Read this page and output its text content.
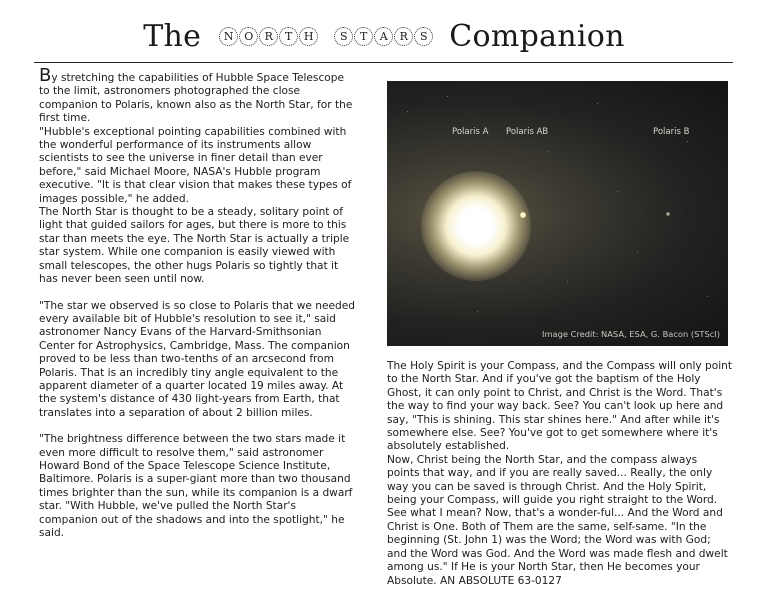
The	N O	R	T	H	S	T	A	R	S Companion

By stretching the capabilities of Hubble Space Telescope to the limit, astronomers photographed the close companion to Polaris, known also as the North Star, for the first time.

"Hubble's exceptional pointing capabilities combined with the wonderful performance of its instruments allow scientists to see the universe in finer detail than ever before," said Michael Moore, NASA's Hubble program executive. "It is that clear vision that makes these types of images possible," he added.

The North Star is thought to be a steady, solitary point of light that guided sailors for ages, but there is more to this star than meets the eye. The North Star is actually a triple star system. While one companion is easily viewed with small telescopes, the other hugs Polaris so tightly that it has never been seen until now.

"The star we observed is so close to Polaris that we needed every available bit of Hubble's resolution to see it," said astronomer Nancy Evans of the Harvard-Smithsonian Center for Astrophysics, Cambridge, Mass. The companion proved to be less than two-tenths of an arcsecond from Polaris. That is an incredibly tiny angle equivalent to the apparent diameter of a quarter located 19 miles away. At the system's distance of 430 light-years from Earth, that translates into a separation of about 2 billion miles.

"The brightness difference between the two stars made it even more difficult to resolve them," said astronomer Howard Bond of the Space Telescope Science Institute, Baltimore. Polaris is a super-giant more than two thousand times brighter than the sun, while its companion is a dwarf star. "With Hubble, we've pulled the North Star's companion out of the shadows and into the spotlight," he said.

Polaris A Polaris AB	Polaris B
Image Credit: NASA, ESA, G. Bacon (STScI)

The Holy Spirit is your Compass, and the Compass will only point to the North Star. And if you've got the baptism of the Holy Ghost, it can only point to Christ, and Christ is the Word. That's the way to find your way back. See? You can't look up here and say, "This is shining. This star shines here." And after while it's somewhere else. See? You've got to get somewhere where it's absolutely established.

Now, Christ being the North Star, and the compass always points that way, and if you are really saved... Really, the only way you can be saved is through Christ. And the Holy Spirit, being your Compass, will guide you right straight to the Word. See what I mean? Now, that's a wonder-ful... And the Word and Christ is One. Both of Them are the same, self-same. "In the beginning (St. John 1) was the Word; the Word was with God; and the Word was God. And the Word was made flesh and dwelt among us." If He is your North Star, then He becomes your Absolute. AN ABSOLUTE 63-0127
